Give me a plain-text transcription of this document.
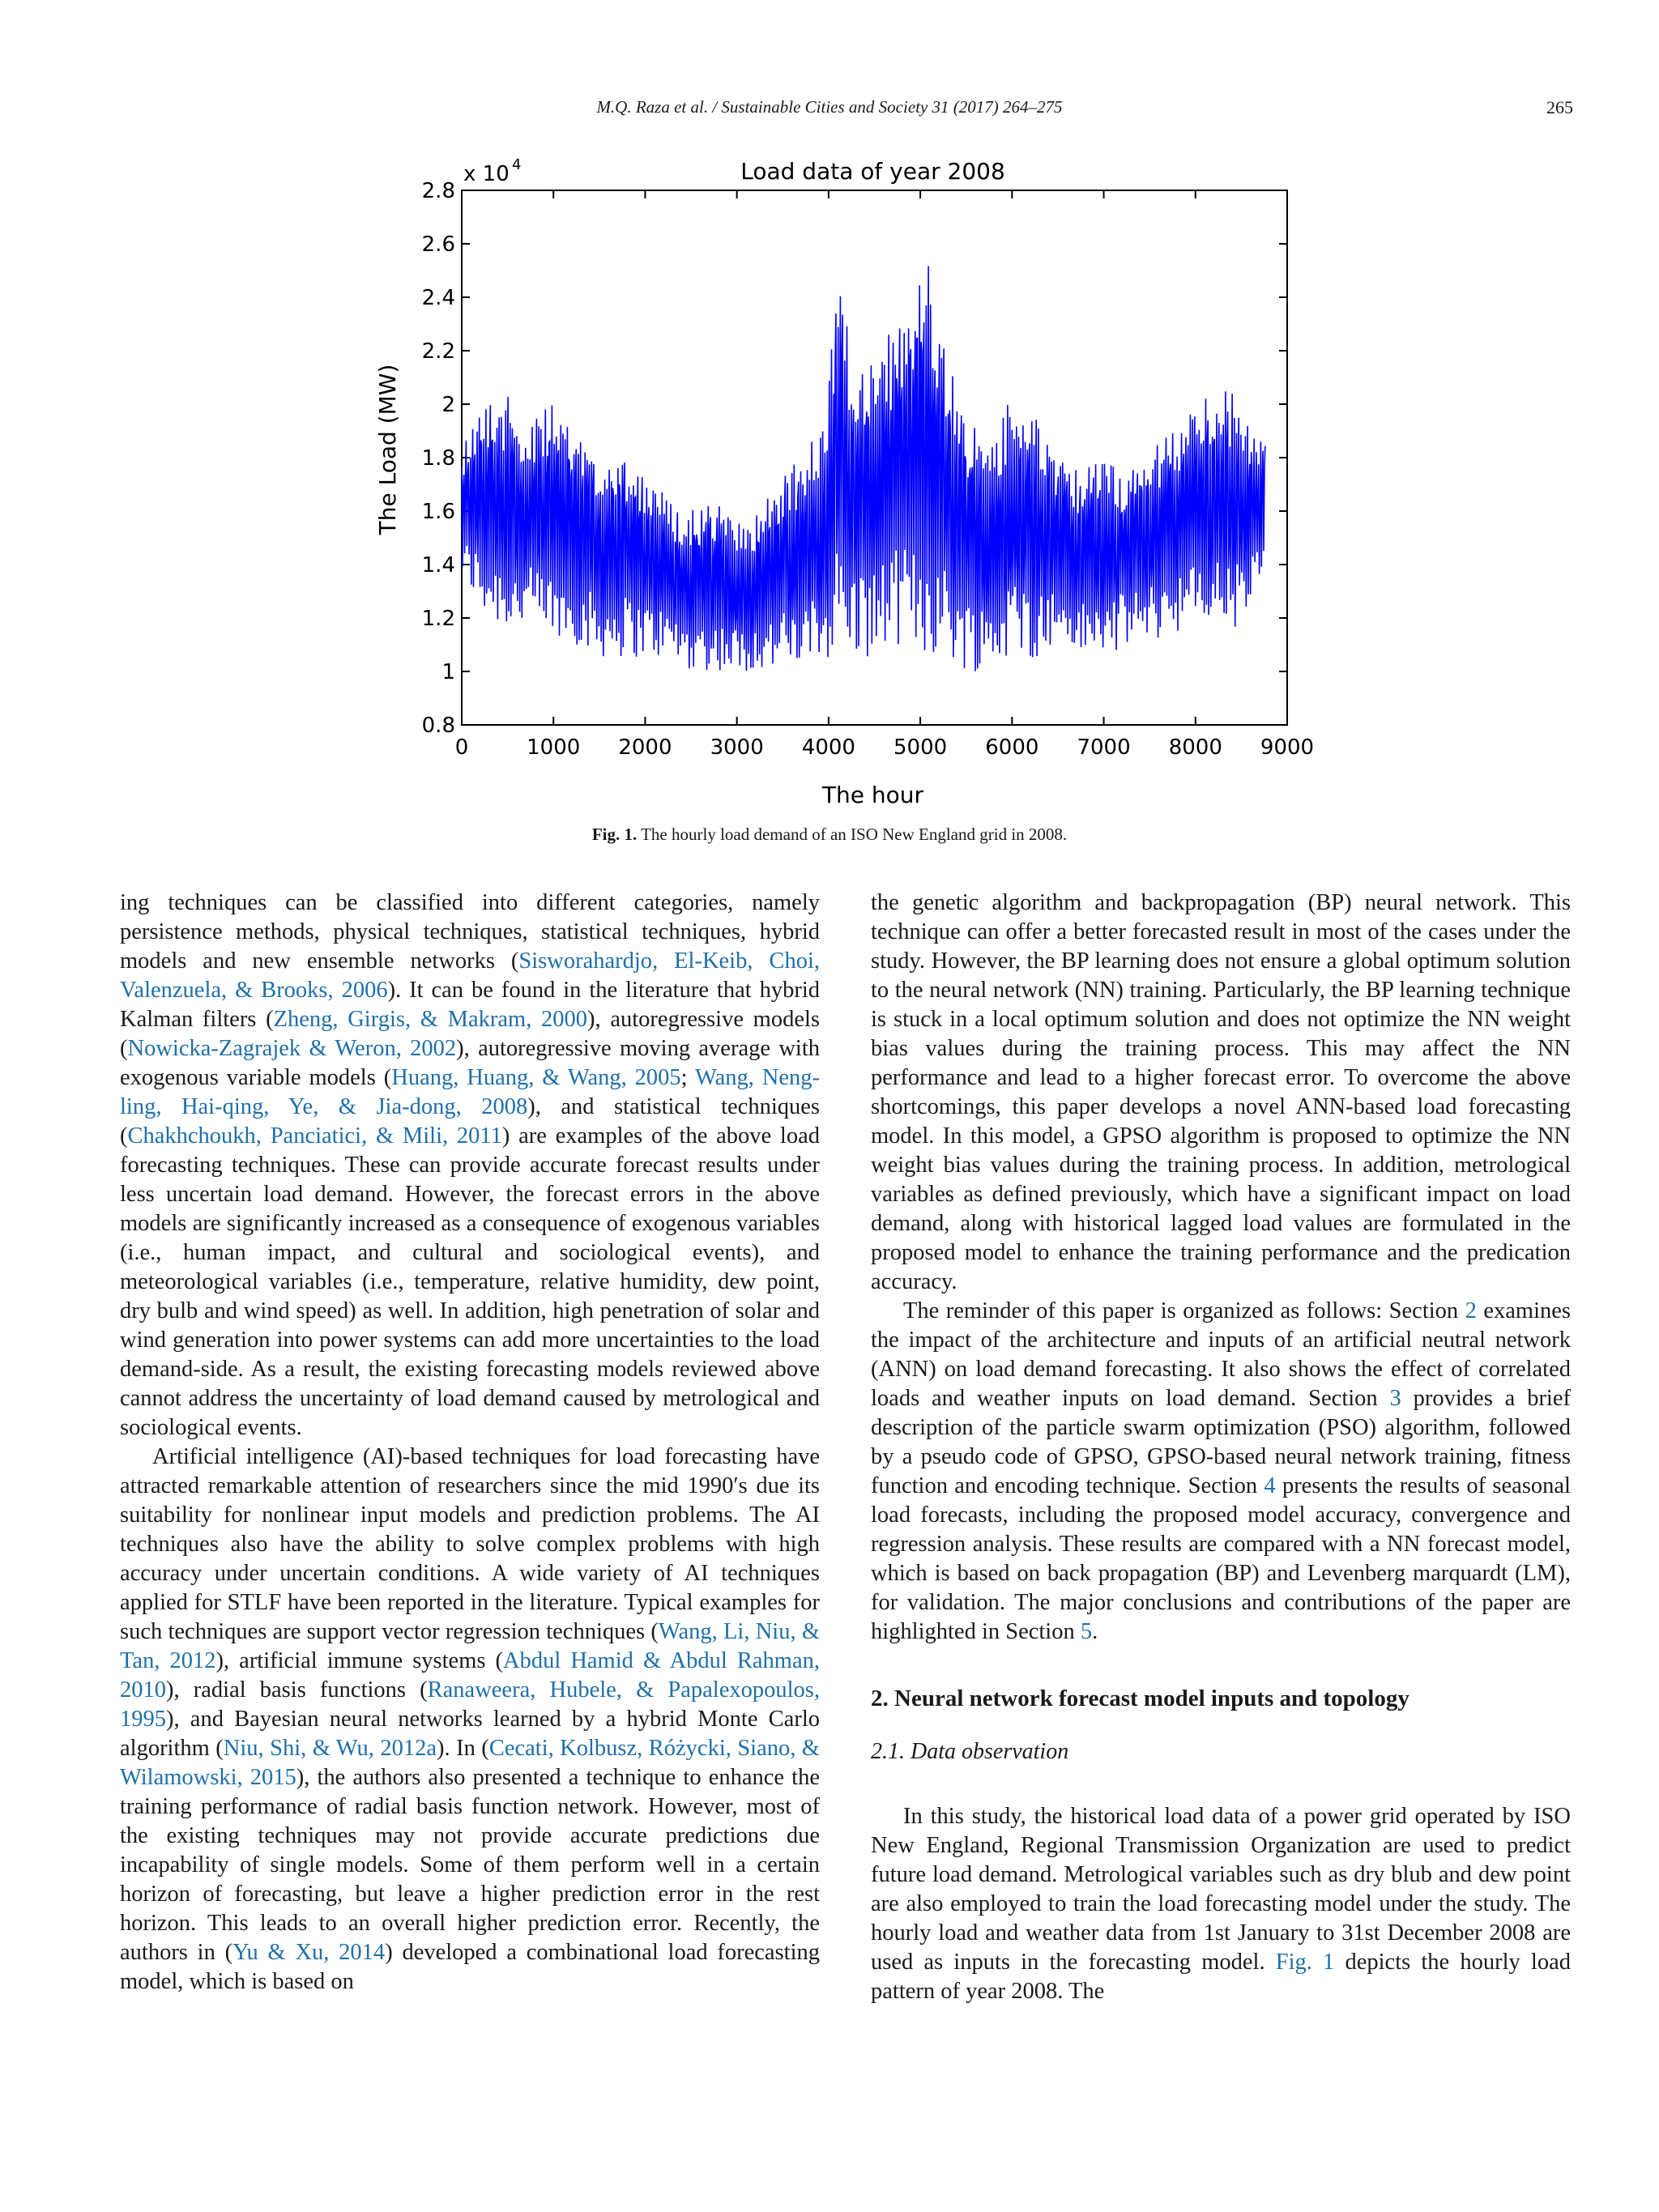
M.Q. Raza et al. / Sustainable Cities and Society 31 (2017) 264–275	265
0	1000 2000 3000 4000 5000 6000 7000 8000 9000
0.8
1
1.2
1.4
1.6
1.8
2
2.2
2.4
2.6
2.8
Load data of year 2008
The hour
The Load (MW)
x 10 4
Fig. 1. The hourly load demand of an ISO New England grid in 2008.

ing techniques can be classified into different categories, namely persistence methods, physical techniques, statistical techniques, hybrid models and new ensemble networks (Sisworahardjo, El-Keib, Choi, Valenzuela, & Brooks, 2006). It can be found in the literature that hybrid Kalman filters (Zheng, Girgis, & Makram, 2000), autoregressive models (Nowicka-Zagrajek & Weron, 2002), autoregressive moving average with exogenous variable models (Huang, Huang, & Wang, 2005; Wang, Neng-ling, Hai-qing, Ye, & Jia-dong, 2008), and statistical techniques (Chakhchoukh, Panciatici, & Mili, 2011) are examples of the above load forecasting techniques. These can provide accurate forecast results under less uncertain load demand. However, the forecast errors in the above models are significantly increased as a consequence of exogenous variables (i.e., human impact, and cultural and sociological events), and meteorological variables (i.e., temperature, relative humidity, dew point, dry bulb and wind speed) as well. In addition, high penetration of solar and wind generation into power systems can add more uncertainties to the load demand-side. As a result, the existing forecasting models reviewed above cannot address the uncertainty of load demand caused by metrological and sociological events.

Artificial intelligence (AI)-based techniques for load forecasting have attracted remarkable attention of researchers since the mid 1990′s due its suitability for nonlinear input models and prediction problems. The AI techniques also have the ability to solve complex problems with high accuracy under uncertain conditions. A wide variety of AI techniques applied for STLF have been reported in the literature. Typical examples for such techniques are support vector regression techniques (Wang, Li, Niu, & Tan, 2012), artificial immune systems (Abdul Hamid & Abdul Rahman, 2010), radial basis functions (Ranaweera, Hubele, & Papalexopoulos, 1995), and Bayesian neural networks learned by a hybrid Monte Carlo algorithm (Niu, Shi, & Wu, 2012a). In (Cecati, Kolbusz, Różycki, Siano, & Wilamowski, 2015), the authors also presented a technique to enhance the training performance of radial basis function network. However, most of the existing techniques may not provide accurate predictions due incapability of single models. Some of them perform well in a certain horizon of forecasting, but leave a higher prediction error in the rest horizon. This leads to an overall higher prediction error. Recently, the authors in (Yu & Xu, 2014) developed a combinational load forecasting model, which is based on

the genetic algorithm and backpropagation (BP) neural network. This technique can offer a better forecasted result in most of the cases under the study. However, the BP learning does not ensure a global optimum solution to the neural network (NN) training. Particularly, the BP learning technique is stuck in a local optimum solution and does not optimize the NN weight bias values during the training process. This may affect the NN performance and lead to a higher forecast error. To overcome the above shortcomings, this paper develops a novel ANN-based load forecasting model. In this model, a GPSO algorithm is proposed to optimize the NN weight bias values during the training process. In addition, metrological variables as defined previously, which have a significant impact on load demand, along with historical lagged load values are formulated in the proposed model to enhance the training performance and the predication accuracy.

The reminder of this paper is organized as follows: Section 2 examines the impact of the architecture and inputs of an artificial neutral network (ANN) on load demand forecasting. It also shows the effect of correlated loads and weather inputs on load demand. Section 3 provides a brief description of the particle swarm optimization (PSO) algorithm, followed by a pseudo code of GPSO, GPSO-based neural network training, fitness function and encoding technique. Section 4 presents the results of seasonal load forecasts, including the proposed model accuracy, convergence and regression analysis. These results are compared with a NN forecast model, which is based on back propagation (BP) and Levenberg marquardt (LM), for validation. The major conclusions and contributions of the paper are highlighted in Section 5.

2. Neural network forecast model inputs and topology
2.1. Data observation

In this study, the historical load data of a power grid operated by ISO New England, Regional Transmission Organization are used to predict future load demand. Metrological variables such as dry blub and dew point are also employed to train the load forecasting model under the study. The hourly load and weather data from 1st January to 31st December 2008 are used as inputs in the forecasting model. Fig. 1 depicts the hourly load pattern of year 2008. The
